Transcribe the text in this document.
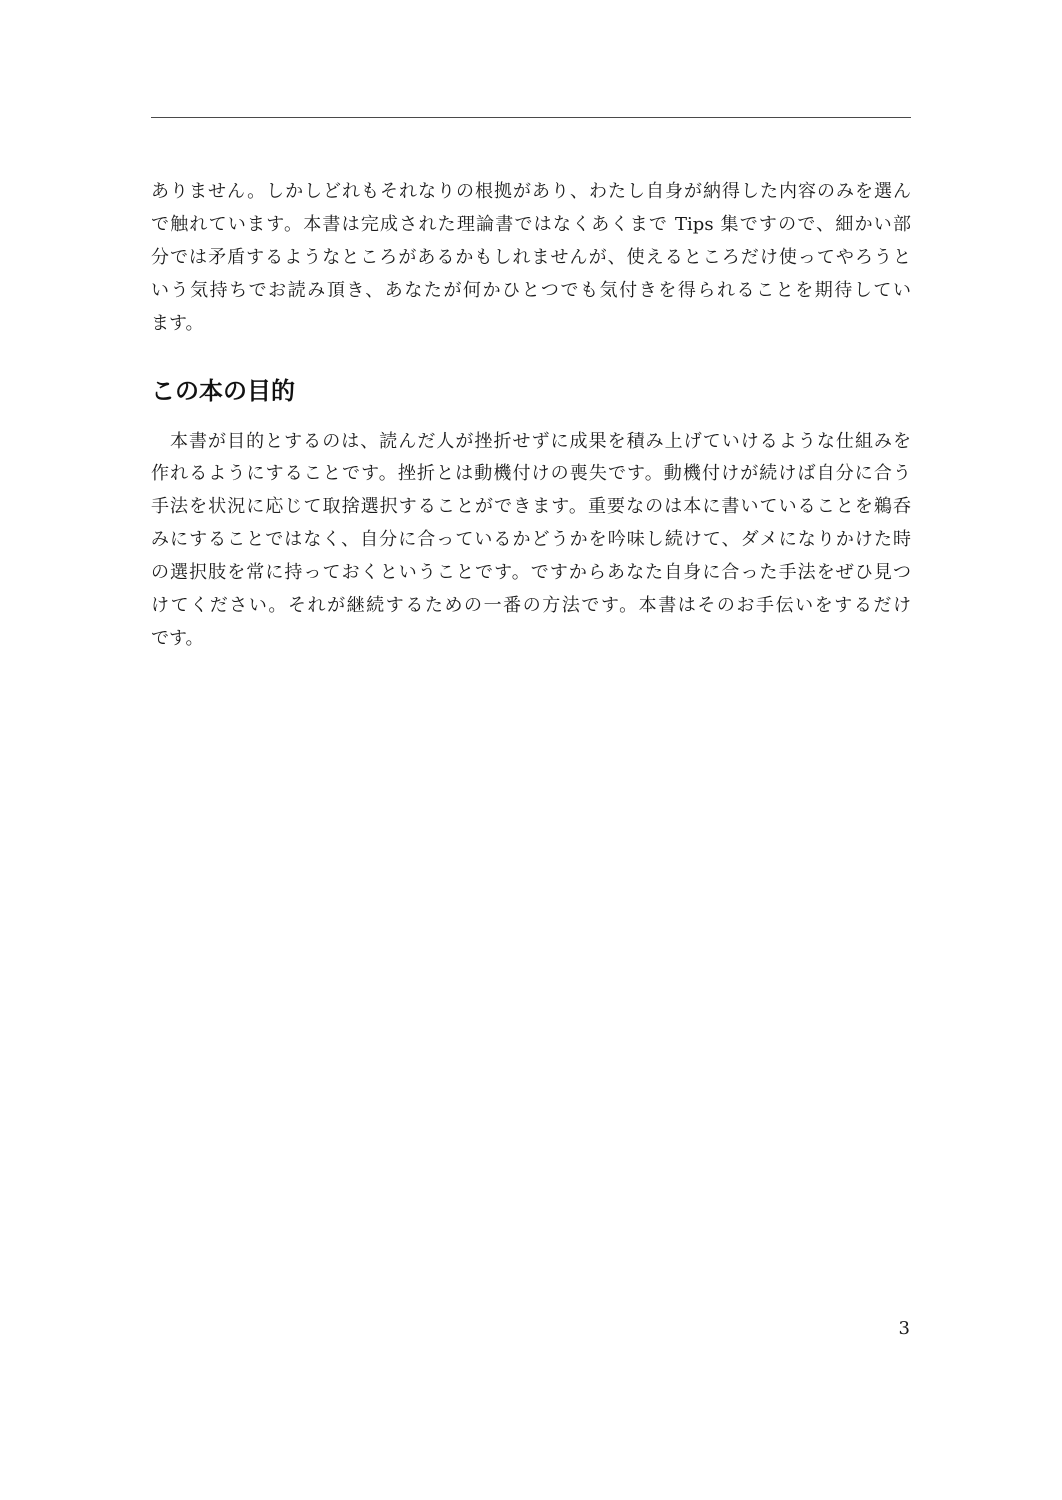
ありません。しかしどれもそれなりの根拠があり、わたし自身が納得した内容のみを選ん
で触れています。本書は完成された理論書ではなくあくまで Tips 集ですので、細かい部
分では矛盾するようなところがあるかもしれませんが、使えるところだけ使ってやろうと
いう気持ちでお読み頂き、あなたが何かひとつでも気付きを得られることを期待してい
ます。
この本の目的
本書が目的とするのは、読んだ人が挫折せずに成果を積み上げていけるような仕組みを
作れるようにすることです。挫折とは動機付けの喪失です。動機付けが続けば自分に合う
手法を状況に応じて取捨選択することができます。重要なのは本に書いていることを鵜呑
みにすることではなく、自分に合っているかどうかを吟味し続けて、ダメになりかけた時
の選択肢を常に持っておくということです。ですからあなた自身に合った手法をぜひ見つ
けてください。それが継続するための一番の方法です。本書はそのお手伝いをするだけ
です。
3
